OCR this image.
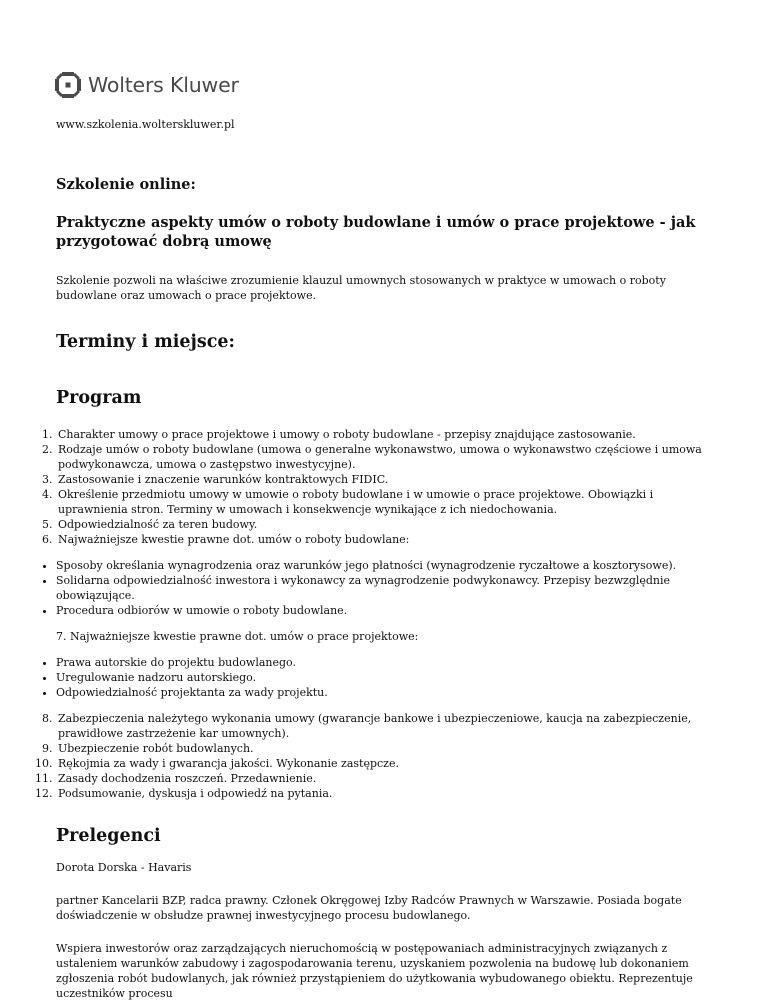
Wolters Kluwer
www.szkolenia.wolterskluwer.pl
Szkolenie online:
Praktyczne aspekty umów o roboty budowlane i umów o prace projektowe - jak przygotować dobrą umowę

Szkolenie pozwoli na właściwe zrozumienie klauzul umownych stosowanych w praktyce w umowach o roboty budowlane oraz umowach o prace projektowe.

Terminy i miejsce:
Program
1. Charakter umowy o prace projektowe i umowy o roboty budowlane - przepisy znajdujące zastosowanie.
2. Rodzaje umów o roboty budowlane (umowa o generalne wykonawstwo, umowa o wykonawstwo częściowe i umowa podwykonawcza, umowa o zastępstwo inwestycyjne).
3. Zastosowanie i znaczenie warunków kontraktowych FIDIC.
4. Określenie przedmiotu umowy w umowie o roboty budowlane i w umowie o prace projektowe. Obowiązki i uprawnienia stron. Terminy w umowach i konsekwencje wynikające z ich niedochowania.
5. Odpowiedzialność za teren budowy.
6. Najważniejsze kwestie prawne dot. umów o roboty budowlane:
• Sposoby określania wynagrodzenia oraz warunków jego płatności (wynagrodzenie ryczałtowe a kosztorysowe).
• Solidarna odpowiedzialność inwestora i wykonawcy za wynagrodzenie podwykonawcy. Przepisy bezwzględnie obowiązujące.
• Procedura odbiorów w umowie o roboty budowlane.

7. Najważniejsze kwestie prawne dot. umów o prace projektowe:

• Prawa autorskie do projektu budowlanego.
• Uregulowanie nadzoru autorskiego.
• Odpowiedzialność projektanta za wady projektu.
8. Zabezpieczenia należytego wykonania umowy (gwarancje bankowe i ubezpieczeniowe, kaucja na zabezpieczenie, prawidłowe zastrzeżenie kar umownych).
9. Ubezpieczenie robót budowlanych.
10. Rękojmia za wady i gwarancja jakości. Wykonanie zastępcze.
11. Zasady dochodzenia roszczeń. Przedawnienie.
12. Podsumowanie, dyskusja i odpowiedź na pytania.
Prelegenci

Dorota Dorska - Havaris

partner Kancelarii BZP, radca prawny. Członek Okręgowej Izby Radców Prawnych w Warszawie. Posiada bogate doświadczenie w obsłudze prawnej inwestycyjnego procesu budowlanego.

Wspiera inwestorów oraz zarządzających nieruchomością w postępowaniach administracyjnych związanych z ustaleniem warunków zabudowy i zagospodarowania terenu, uzyskaniem pozwolenia na budowę lub dokonaniem zgłoszenia robót budowlanych, jak również przystąpieniem do użytkowania wybudowanego obiektu. Reprezentuje uczestników procesu
